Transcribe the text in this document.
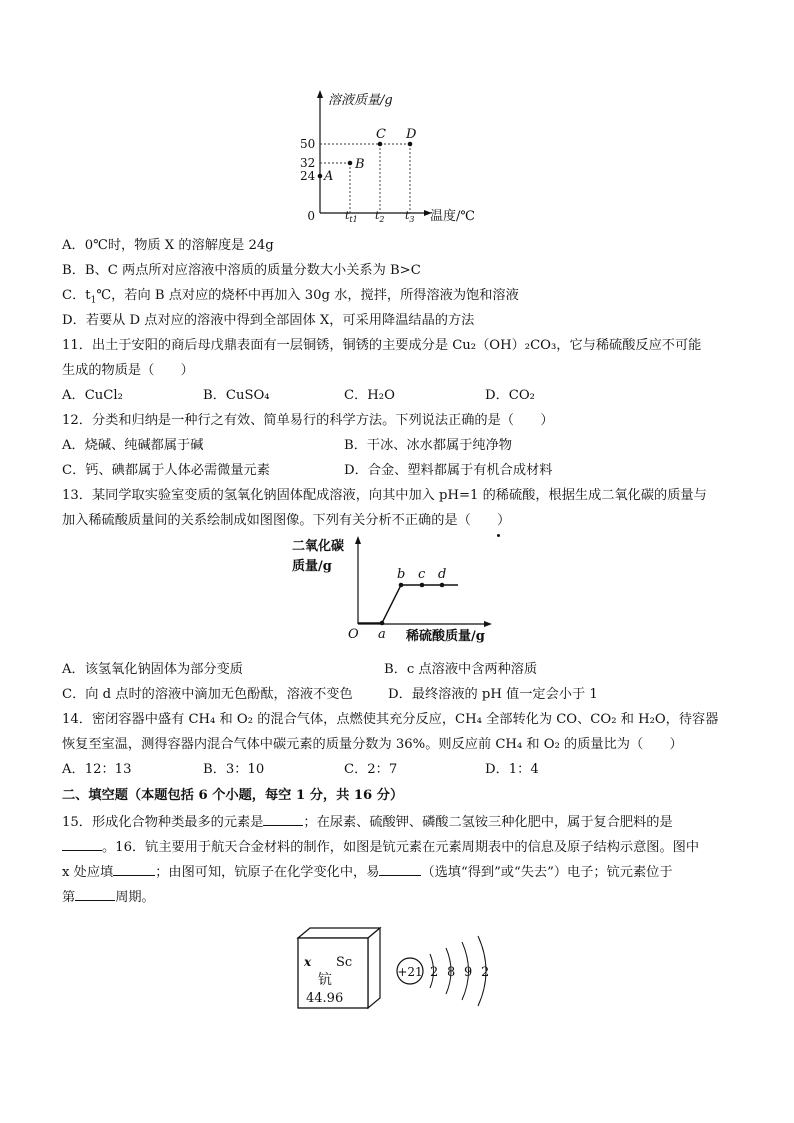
溶液质量/g
温度/℃
0
50
32
24
$t_{t1}$ $t_2$ $t_3$
A
B
C D
A．0℃时，物质 X 的溶解度是 24g
B．B、C 两点所对应溶液中溶质的质量分数大小关系为 B>C
C．$t_1℃$，若向 B 点对应的烧杯中再加入 30g 水，搅拌，所得溶液为饱和溶液
D．若要从 D 点对应的溶液中得到全部固体 X，可采用降温结晶的方法
11．出土于安阳的商后母戊鼎表面有一层铜锈，铜锈的主要成分是 Cu₂（OH）₂CO₃，它与稀硫酸反应不可能
生成的物质是（　　）
A．CuCl₂	B．CuSO₄	C．H₂O	D．CO₂
12．分类和归纳是一种行之有效、简单易行的科学方法。下列说法正确的是（　　）
A．烧碱、纯碱都属于碱	B．干冰、冰水都属于纯净物
C．钙、碘都属于人体必需微量元素	D．合金、塑料都属于有机合成材料
13．某同学取实验室变质的氢氧化钠固体配成溶液，向其中加入 pH=1 的稀硫酸，根据生成二氧化碳的质量与
加入稀硫酸质量间的关系绘制成如图图像。下列有关分析不正确的是（　　）
二氧化碳
质量/g
O	稀硫酸质量/g
a
b c d
A．该氢氧化钠固体为部分变质	B．c 点溶液中含两种溶质
C．向 d 点时的溶液中滴加无色酚酞，溶液不变色	D．最终溶液的 pH 值一定会小于 1
14．密闭容器中盛有 CH₄ 和 O₂ 的混合气体，点燃使其充分反应，CH₄ 全部转化为 CO、CO₂ 和 H₂O，待容器
恢复至室温，测得容器内混合气体中碳元素的质量分数为 36%。则反应前 CH₄ 和 O₂ 的质量比为（　　）
A．12：13	B．3：10	C．2：7	D．1：4
二、填空题（本题包括 6 个小题，每空 1 分，共 16 分）
15．形成化合物种类最多的元素是	；在尿素、硫酸钾、磷酸二氢铵三种化肥中，属于复合肥料的是
。16．钪主要用于航天合金材料的制作，如图是钪元素在元素周期表中的信息及原子结构示意图。图中
x 处应填	；由图可知，钪原子在化学变化中，易	（选填“得到”或“失去”）电子；钪元素位于
第	周期。
x Sc
钪
44.96
+21 2 8 9 2
